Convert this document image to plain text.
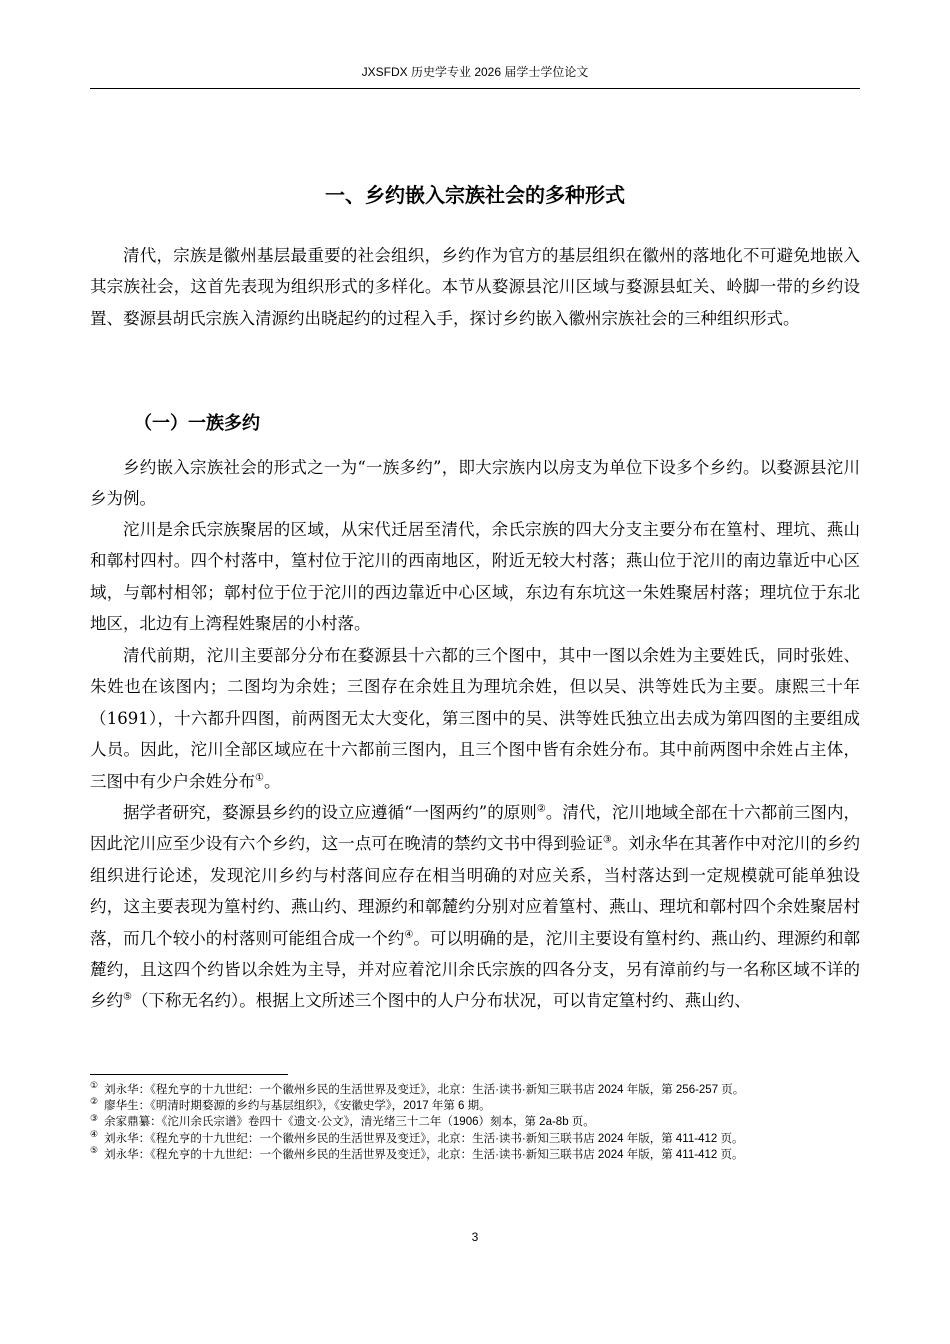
JXSFDX 历史学专业 2026 届学士学位论文
一、乡约嵌入宗族社会的多种形式

清代，宗族是徽州基层最重要的社会组织，乡约作为官方的基层组织在徽州的落地化不可避免地嵌入其宗族社会，这首先表现为组织形式的多样化。本节从婺源县沱川区域与婺源县虹关、岭脚一带的乡约设置、婺源县胡氏宗族入清源约出晓起约的过程入手，探讨乡约嵌入徽州宗族社会的三种组织形式。

（一）一族多约

乡约嵌入宗族社会的形式之一为“一族多约”，即大宗族内以房支为单位下设多个乡约。以婺源县沱川乡为例。

沱川是余氏宗族聚居的区域，从宋代迁居至清代，余氏宗族的四大分支主要分布在篁村、理坑、燕山和鄣村四村。四个村落中，篁村位于沱川的西南地区，附近无较大村落；燕山位于沱川的南边靠近中心区域，与鄣村相邻；鄣村位于位于沱川的西边靠近中心区域，东边有东坑这一朱姓聚居村落；理坑位于东北地区，北边有上湾程姓聚居的小村落。

清代前期，沱川主要部分分布在婺源县十六都的三个图中，其中一图以余姓为主要姓氏，同时张姓、朱姓也在该图内；二图均为余姓；三图存在余姓且为理坑余姓，但以吴、洪等姓氏为主要。康熙三十年（1691），十六都升四图，前两图无太大变化，第三图中的吴、洪等姓氏独立出去成为第四图的主要组成人员。因此，沱川全部区域应在十六都前三图内，且三个图中皆有余姓分布。其中前两图中余姓占主体，三图中有少户余姓分布①。

据学者研究，婺源县乡约的设立应遵循“一图两约”的原则②。清代，沱川地域全部在十六都前三图内，因此沱川应至少设有六个乡约，这一点可在晚清的禁约文书中得到验证③。刘永华在其著作中对沱川的乡约组织进行论述，发现沱川乡约与村落间应存在相当明确的对应关系，当村落达到一定规模就可能单独设约，这主要表现为篁村约、燕山约、理源约和鄣麓约分别对应着篁村、燕山、理坑和鄣村四个余姓聚居村落，而几个较小的村落则可能组合成一个约④。可以明确的是，沱川主要设有篁村约、燕山约、理源约和鄣麓约，且这四个约皆以余姓为主导，并对应着沱川余氏宗族的四各分支，另有漳前约与一名称区域不详的乡约⑤（下称无名约）。根据上文所述三个图中的人户分布状况，可以肯定篁村约、燕山约、

① 刘永华：《程允亨的十九世纪：一个徽州乡民的生活世界及变迁》，北京：生活·读书·新知三联书店 2024 年版，第 256-257 页。

② 廖华生：《明清时期婺源的乡约与基层组织》，《安徽史学》，2017 年第 6 期。

③ 余家鼎纂：《沱川余氏宗谱》卷四十《遗文·公文》，清光绪三十二年（1906）刻本，第 2a-8b 页。

④ 刘永华：《程允亨的十九世纪：一个徽州乡民的生活世界及变迁》，北京：生活·读书·新知三联书店 2024 年版，第 411-412 页。

⑤ 刘永华：《程允亨的十九世纪：一个徽州乡民的生活世界及变迁》，北京：生活·读书·新知三联书店 2024 年版，第 411-412 页。

3
